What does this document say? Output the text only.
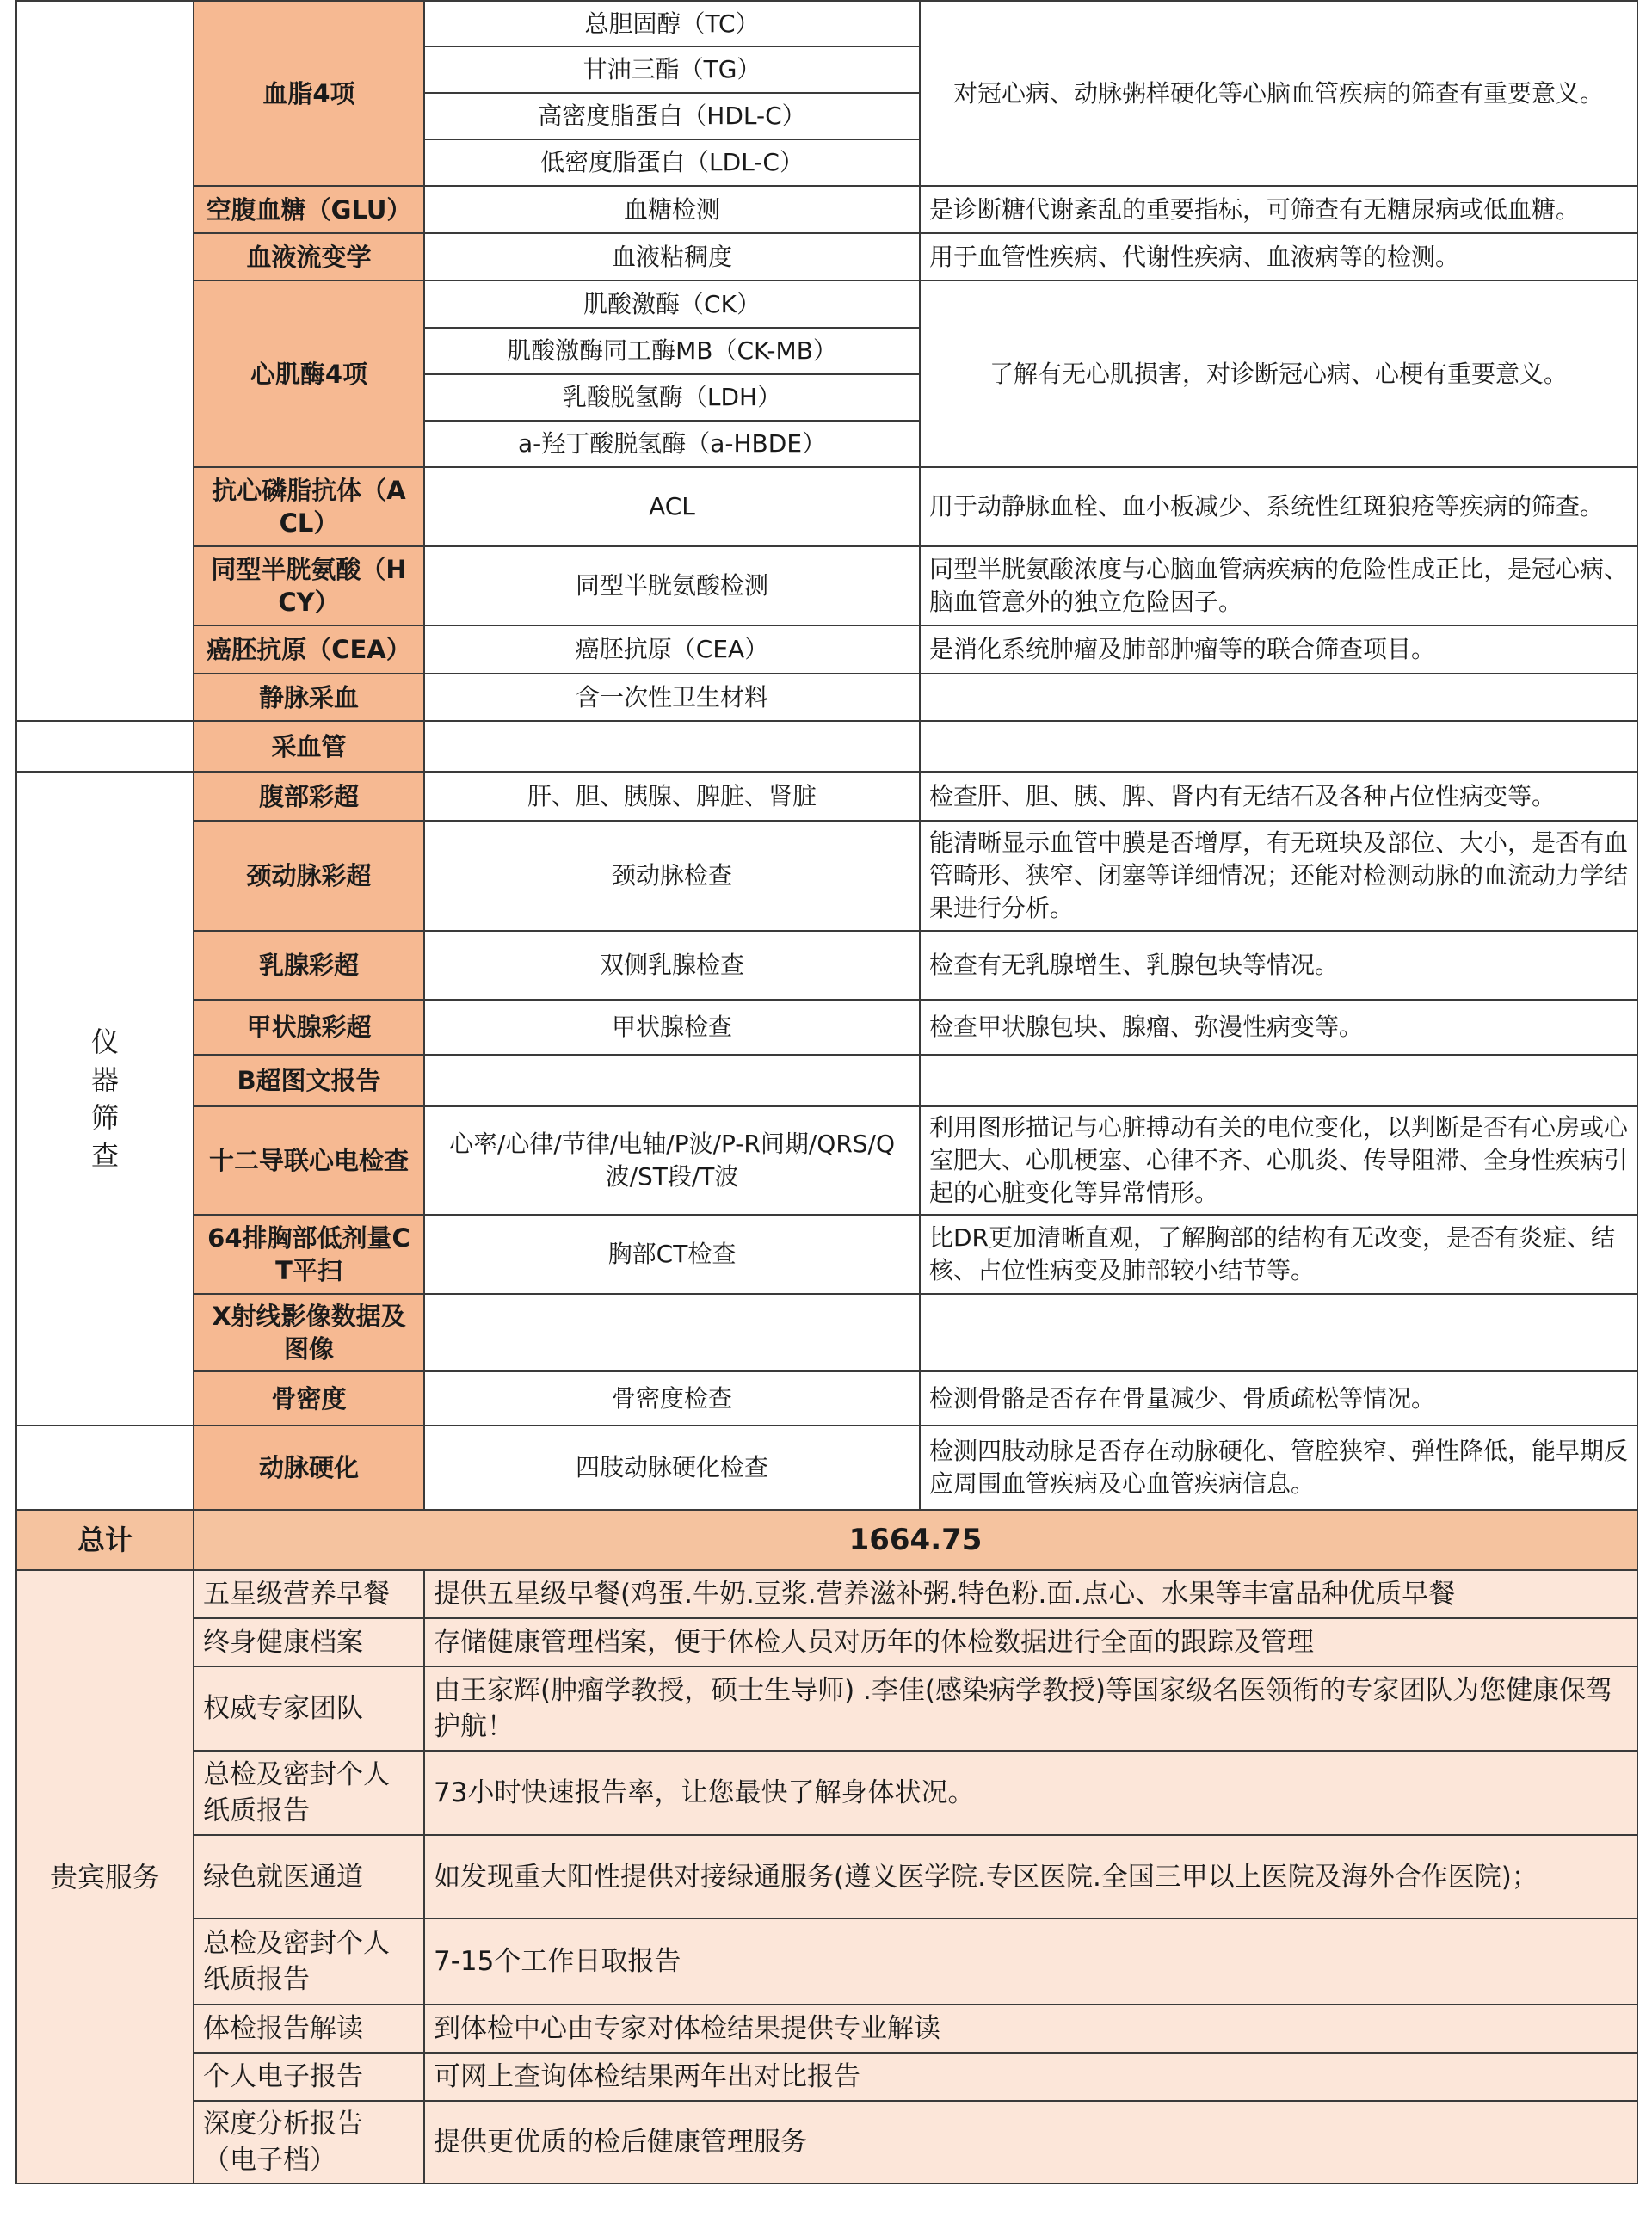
	血脂4项	总胆固醇（TC）	对冠心病、动脉粥样硬化等心脑血管疾病的筛查有重要意义。
		甘油三酯（TG）	
		高密度脂蛋白（HDL-C）	
		低密度脂蛋白（LDL-C）	
	空腹血糖（GLU）	血糖检测	是诊断糖代谢紊乱的重要指标，可筛查有无糖尿病或低血糖。
	血液流变学	血液粘稠度	用于血管性疾病、代谢性疾病、血液病等的检测。
	心肌酶4项	肌酸激酶（CK）	了解有无心肌损害，对诊断冠心病、心梗有重要意义。
		肌酸激酶同工酶MB（CK-MB）	
		乳酸脱氢酶（LDH）	
		a-羟丁酸脱氢酶（a-HBDE）	
	抗心磷脂抗体（ACL）	ACL	用于动静脉血栓、血小板减少、系统性红斑狼疮等疾病的筛查。
	同型半胱氨酸（HCY）	同型半胱氨酸检测	同型半胱氨酸浓度与心脑血管病疾病的危险性成正比，是冠心病、脑血管意外的独立危险因子。
	癌胚抗原（CEA）	癌胚抗原（CEA）	是消化系统肿瘤及肺部肿瘤等的联合筛查项目。
	静脉采血	含一次性卫生材料	
	采血管		
仪器筛查	腹部彩超	肝、胆、胰腺、脾脏、肾脏	检查肝、胆、胰、脾、肾内有无结石及各种占位性病变等。
	颈动脉彩超	颈动脉检查	能清晰显示血管中膜是否增厚，有无斑块及部位、大小，是否有血管畸形、狭窄、闭塞等详细情况；还能对检测动脉的血流动力学结果进行分析。
	乳腺彩超	双侧乳腺检查	检查有无乳腺增生、乳腺包块等情况。
	甲状腺彩超	甲状腺检查	检查甲状腺包块、腺瘤、弥漫性病变等。
	B超图文报告		
	十二导联心电检查	心率/心律/节律/电轴/P波/P-R间期/QRS/Q波/ST段/T波	利用图形描记与心脏搏动有关的电位变化，以判断是否有心房或心室肥大、心肌梗塞、心律不齐、心肌炎、传导阻滞、全身性疾病引起的心脏变化等异常情形。
	64排胸部低剂量CT平扫	胸部CT检查	比DR更加清晰直观，了解胸部的结构有无改变，是否有炎症、结核、占位性病变及肺部较小结节等。
	X射线影像数据及图像		
	骨密度	骨密度检查	检测骨骼是否存在骨量减少、骨质疏松等情况。
	动脉硬化	四肢动脉硬化检查	检测四肢动脉是否存在动脉硬化、管腔狭窄、弹性降低，能早期反应周围血管疾病及心血管疾病信息。
总计	1664.75		
贵宾服务	五星级营养早餐	提供五星级早餐(鸡蛋.牛奶.豆浆.营养滋补粥.特色粉.面.点心、水果等丰富品种优质早餐	
	终身健康档案	存储健康管理档案，便于体检人员对历年的体检数据进行全面的跟踪及管理	
	权威专家团队	由王家辉(肿瘤学教授，硕士生导师) .李佳(感染病学教授)等国家级名医领衔的专家团队为您健康保驾护航！	
	总检及密封个人纸质报告	73小时快速报告率，让您最快了解身体状况。	
	绿色就医通道	如发现重大阳性提供对接绿通服务(遵义医学院.专区医院.全国三甲以上医院及海外合作医院)；	
	总检及密封个人纸质报告	7-15个工作日取报告	
	体检报告解读	到体检中心由专家对体检结果提供专业解读	
	个人电子报告	可网上查询体检结果两年出对比报告	
	深度分析报告（电子档）	提供更优质的检后健康管理服务	
